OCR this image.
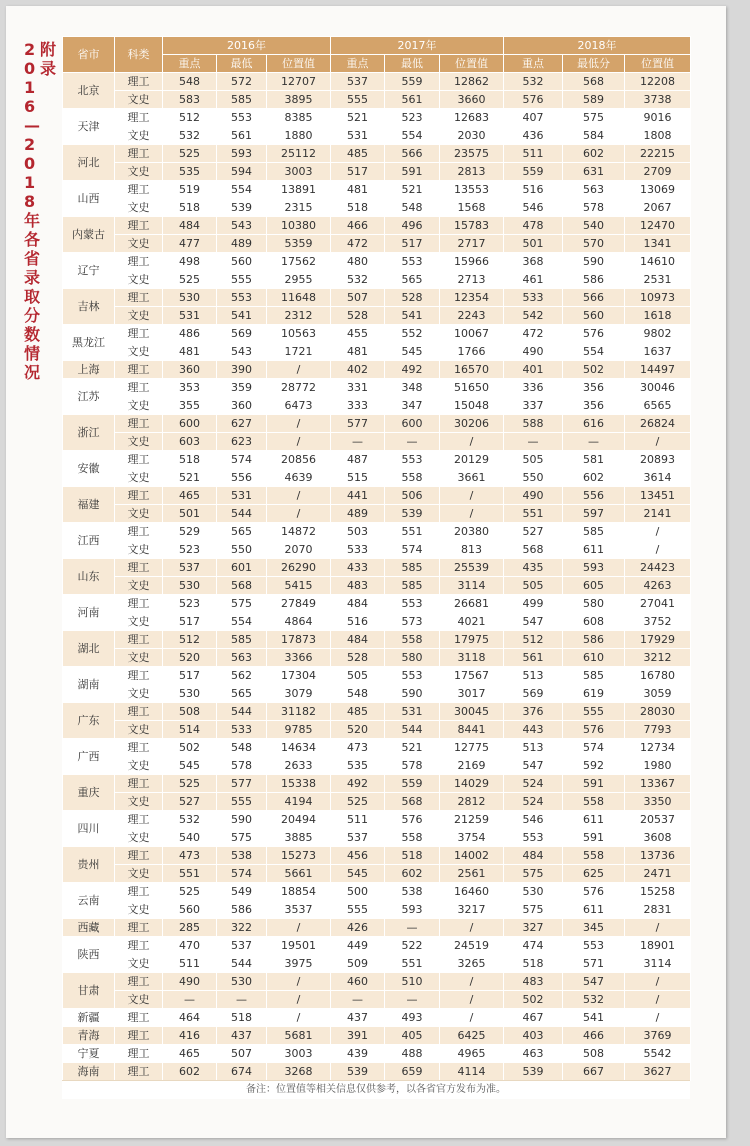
附录
2016—2018年各省录取分数情况
省市	科类	2016年			2017年			2018年		
		重点	最低	位置值	重点	最低	位置值	重点	最低分	位置值
北京	理工	548	572	12707	537	559	12862	532	568	12208
	文史	583	585	3895	555	561	3660	576	589	3738
天津	理工	512	553	8385	521	523	12683	407	575	9016
	文史	532	561	1880	531	554	2030	436	584	1808
河北	理工	525	593	25112	485	566	23575	511	602	22215
	文史	535	594	3003	517	591	2813	559	631	2709
山西	理工	519	554	13891	481	521	13553	516	563	13069
	文史	518	539	2315	518	548	1568	546	578	2067
内蒙古	理工	484	543	10380	466	496	15783	478	540	12470
	文史	477	489	5359	472	517	2717	501	570	1341
辽宁	理工	498	560	17562	480	553	15966	368	590	14610
	文史	525	555	2955	532	565	2713	461	586	2531
吉林	理工	530	553	11648	507	528	12354	533	566	10973
	文史	531	541	2312	528	541	2243	542	560	1618
黑龙江	理工	486	569	10563	455	552	10067	472	576	9802
	文史	481	543	1721	481	545	1766	490	554	1637
上海	理工	360	390	/	402	492	16570	401	502	14497
江苏	理工	353	359	28772	331	348	51650	336	356	30046
	文史	355	360	6473	333	347	15048	337	356	6565
浙江	理工	600	627	/	577	600	30206	588	616	26824
	文史	603	623	/	—	—	/	—	—	/
安徽	理工	518	574	20856	487	553	20129	505	581	20893
	文史	521	556	4639	515	558	3661	550	602	3614
福建	理工	465	531	/	441	506	/	490	556	13451
	文史	501	544	/	489	539	/	551	597	2141
江西	理工	529	565	14872	503	551	20380	527	585	/
	文史	523	550	2070	533	574	813	568	611	/
山东	理工	537	601	26290	433	585	25539	435	593	24423
	文史	530	568	5415	483	585	3114	505	605	4263
河南	理工	523	575	27849	484	553	26681	499	580	27041
	文史	517	554	4864	516	573	4021	547	608	3752
湖北	理工	512	585	17873	484	558	17975	512	586	17929
	文史	520	563	3366	528	580	3118	561	610	3212
湖南	理工	517	562	17304	505	553	17567	513	585	16780
	文史	530	565	3079	548	590	3017	569	619	3059
广东	理工	508	544	31182	485	531	30045	376	555	28030
	文史	514	533	9785	520	544	8441	443	576	7793
广西	理工	502	548	14634	473	521	12775	513	574	12734
	文史	545	578	2633	535	578	2169	547	592	1980
重庆	理工	525	577	15338	492	559	14029	524	591	13367
	文史	527	555	4194	525	568	2812	524	558	3350
四川	理工	532	590	20494	511	576	21259	546	611	20537
	文史	540	575	3885	537	558	3754	553	591	3608
贵州	理工	473	538	15273	456	518	14002	484	558	13736
	文史	551	574	5661	545	602	2561	575	625	2471
云南	理工	525	549	18854	500	538	16460	530	576	15258
	文史	560	586	3537	555	593	3217	575	611	2831
西藏	理工	285	322	/	426	—	/	327	345	/
陕西	理工	470	537	19501	449	522	24519	474	553	18901
	文史	511	544	3975	509	551	3265	518	571	3114
甘肃	理工	490	530	/	460	510	/	483	547	/
	文史	—	—	/	—	—	/	502	532	/
新疆	理工	464	518	/	437	493	/	467	541	/
青海	理工	416	437	5681	391	405	6425	403	466	3769
宁夏	理工	465	507	3003	439	488	4965	463	508	5542
海南	理工	602	674	3268	539	659	4114	539	667	3627
备注：位置值等相关信息仅供参考，以各省官方发布为准。
